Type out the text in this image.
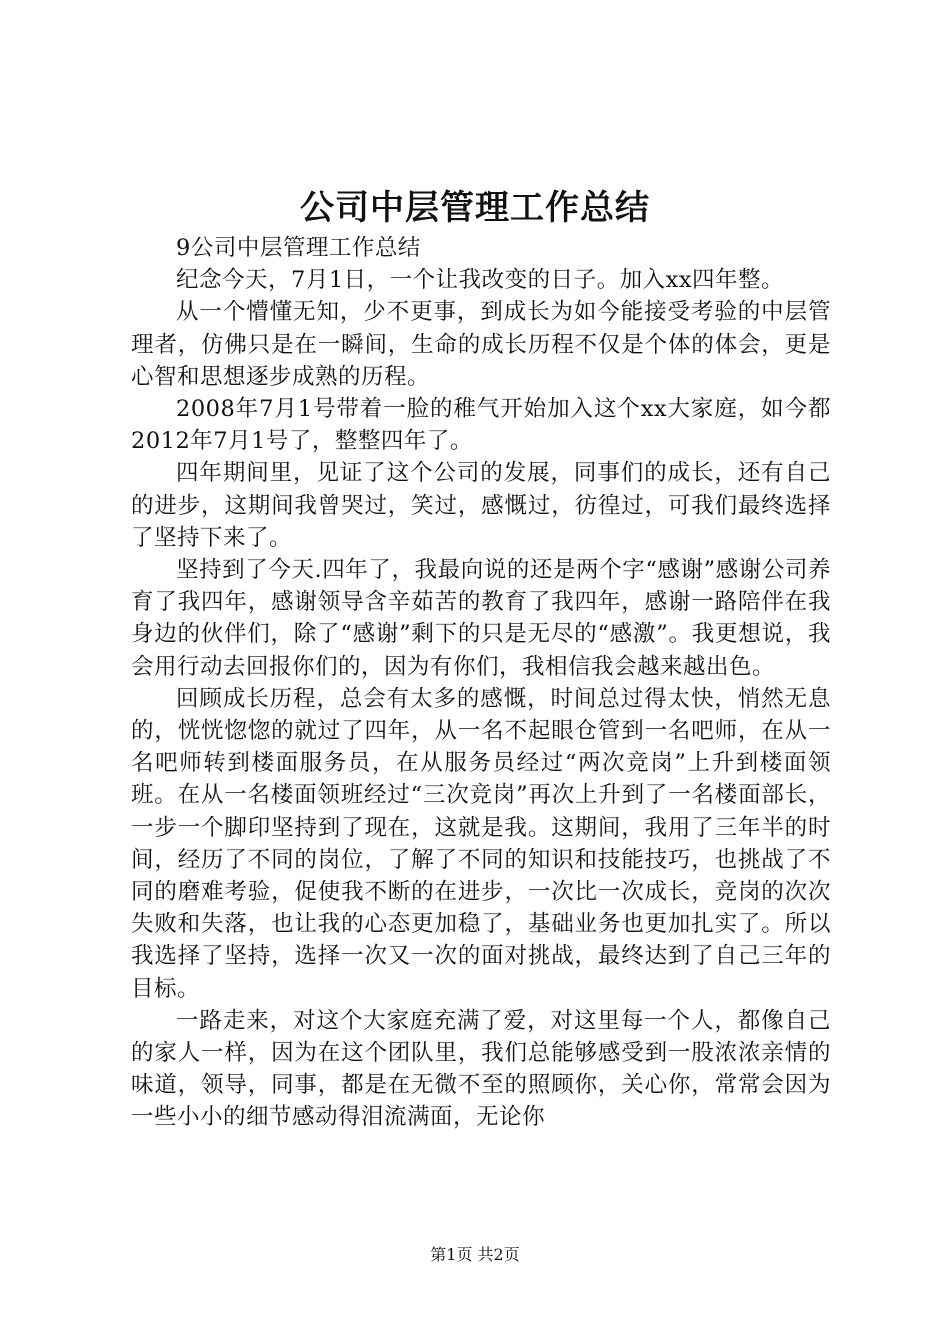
公司中层管理工作总结

9公司中层管理工作总结

纪念今天，7月1日，一个让我改变的日子。加入xx四年整。

从一个懵懂无知，少不更事，到成长为如今能接受考验的中层管理者，仿佛只是在一瞬间，生命的成长历程不仅是个体的体会，更是心智和思想逐步成熟的历程。

2008年7月1号带着一脸的稚气开始加入这个xx大家庭，如今都2012年7月1号了，整整四年了。

四年期间里，见证了这个公司的发展，同事们的成长，还有自己的进步，这期间我曾哭过，笑过，感慨过，彷徨过，可我们最终选择了坚持下来了。

坚持到了今天.四年了，我最向说的还是两个字“感谢”感谢公司养育了我四年，感谢领导含辛茹苦的教育了我四年，感谢一路陪伴在我身边的伙伴们，除了“感谢”剩下的只是无尽的“感激”。我更想说，我会用行动去回报你们的，因为有你们，我相信我会越来越出色。

回顾成长历程，总会有太多的感慨，时间总过得太快，悄然无息的，恍恍惚惚的就过了四年，从一名不起眼仓管到一名吧师，在从一名吧师转到楼面服务员，在从服务员经过“两次竞岗”上升到楼面领班。在从一名楼面领班经过“三次竞岗”再次上升到了一名楼面部长，一步一个脚印坚持到了现在，这就是我。这期间，我用了三年半的时间，经历了不同的岗位，了解了不同的知识和技能技巧，也挑战了不同的磨难考验，促使我不断的在进步，一次比一次成长，竞岗的次次失败和失落，也让我的心态更加稳了，基础业务也更加扎实了。所以我选择了坚持，选择一次又一次的面对挑战，最终达到了自己三年的目标。

一路走来，对这个大家庭充满了爱，对这里每一个人，都像自己的家人一样，因为在这个团队里，我们总能够感受到一股浓浓亲情的味道，领导，同事，都是在无微不至的照顾你，关心你，常常会因为一些小小的细节感动得泪流满面，无论你

第1页 共2页
